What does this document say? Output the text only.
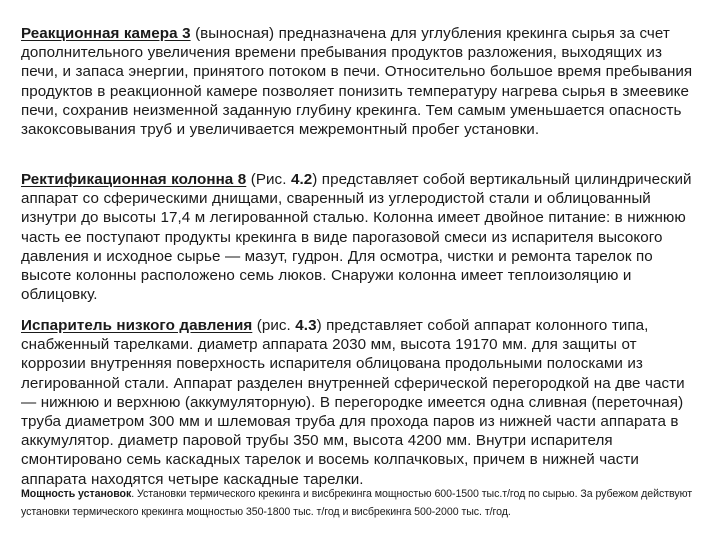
Реакционная камера 3 (выносная) предназначена для углубления крекинга сырья за счет дополнительного увеличения времени пребывания продуктов разложения, выходящих из печи, и запаса энергии, принятого потоком в печи. Относительно большое время пребывания продуктов в реакционной камере позволяет понизить температуру нагрева сырья в змеевике печи, сохранив неизменной заданную глубину крекинга. Тем самым уменьшается опасность закоксовывания труб и увеличивается межремонтный пробег установки.

Ректификационная колонна 8 (Рис. 4.2) представляет собой вертикальный цилиндрический аппарат со сферическими днищами, сваренный из углеродистой стали и облицованный изнутри до высоты 17,4 м легированной сталью. Колонна имеет двойное питание: в нижнюю часть ее поступают продукты крекинга в виде парогазовой смеси из испарителя высокого давления и исходное сырье — мазут, гудрон. Для осмотра, чистки и ремонта тарелок по высоте колонны расположено семь люков. Снаружи колонна имеет теплоизоляцию и облицовку.

Испаритель низкого давления (рис. 4.3) представляет собой аппарат колонного типа, снабженный тарелками. диаметр аппарата 2030 мм, высота 19170 мм. для защиты от коррозии внутренняя поверхность испарителя облицована продольными полосками из легированной стали. Аппарат разделен внутренней сферической перегородкой на две части — нижнюю и верхнюю (аккумуляторную). В перегородке имеется одна сливная (переточная) труба диаметром 300 мм и шлемовая труба для прохода паров из нижней части аппарата в аккумулятор. диаметр паровой трубы 350 мм, высота 4200 мм. Внутри испарителя смонтировано семь каскадных тарелок и восемь колпачковых, причем в нижней части аппарата находятся четыре каскадные тарелки.

Мощность установок. Установки термического крекинга и висбрекинга мощностью 600-1500 тыс.т/год по сырью. За рубежом действуют установки термического крекинга мощностью 350-1800 тыс. т/год и висбрекинга 500-2000 тыс. т/год.
